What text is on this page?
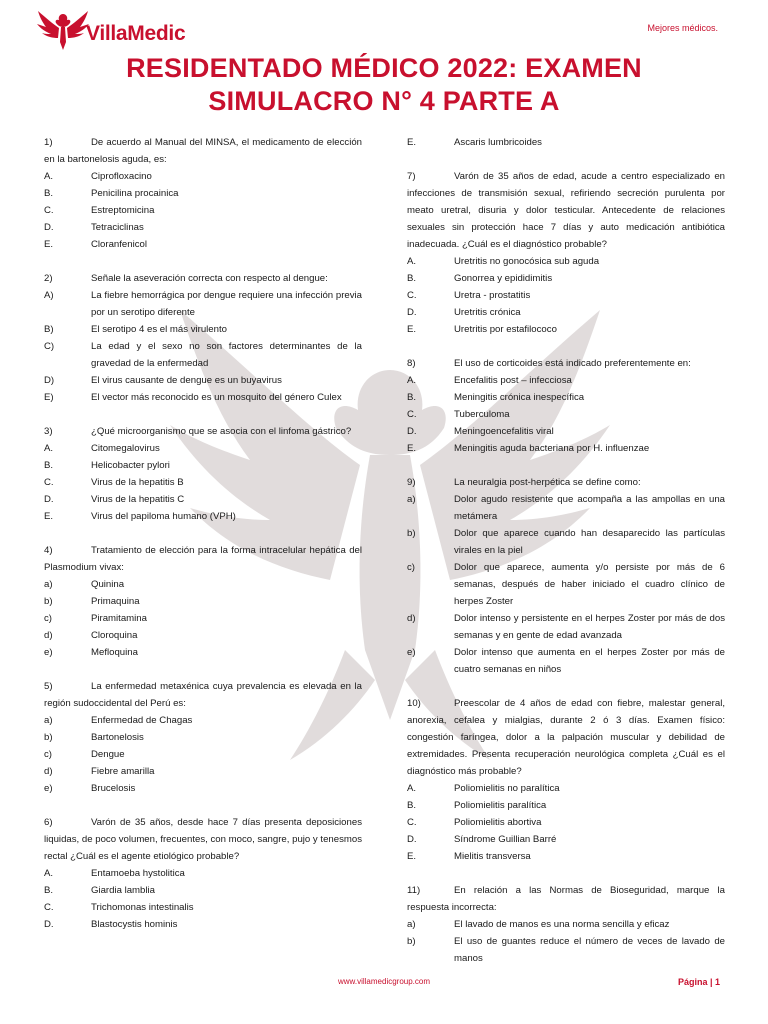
VillaMedic	Mejores médicos.
RESIDENTADO MÉDICO 2022: EXAMEN
SIMULACRO N° 4 PARTE A
1)	De acuerdo al Manual del MINSA, el medicamento de elección en la bartonelosis aguda, es:
A.	Ciprofloxacino
B.	Penicilina procainica
C.	Estreptomicina
D.	Tetraciclinas
E.	Cloranfenicol
2)	Señale la aseveración correcta con respecto al dengue:
A)	La fiebre hemorrágica por dengue requiere una infección previa por un serotipo diferente
B)	El serotipo 4 es el más virulento
C)	La edad y el sexo no son factores determinantes de la gravedad de la enfermedad
D)	El virus causante de dengue es un buyavirus
E)	El vector más reconocido es un mosquito del género Culex
3)	¿Qué microorganismo que se asocia con el linfoma gástrico?
A.	Citomegalovirus
B.	Helicobacter pylori
C.	Virus de la hepatitis B
D.	Virus de la hepatitis C
E.	Virus del papiloma humano (VPH)
4)	Tratamiento de elección para la forma intracelular hepática del Plasmodium vivax:
a)	Quinina
b)	Primaquina
c)	Piramitamina
d)	Cloroquina
e)	Mefloquina
5)	La enfermedad metaxénica cuya prevalencia es elevada en la región sudoccidental del Perú es:
a)	Enfermedad de Chagas
b)	Bartonelosis
c)	Dengue
d)	Fiebre amarilla
e)	Brucelosis
6)	Varón de 35 años, desde hace 7 días presenta deposiciones liquidas, de poco volumen, frecuentes, con moco, sangre, pujo y tenesmos rectal ¿Cuál es el agente etiológico probable?
A.	Entamoeba hystolitica
B.	Giardia lamblia
C.	Trichomonas intestinalis
D.	Blastocystis hominis
E.	Ascaris lumbricoides
7)	Varón de 35 años de edad, acude a centro especializado en infecciones de transmisión sexual, refiriendo secreción purulenta por meato uretral, disuria y dolor testicular. Antecedente de relaciones sexuales sin protección hace 7 días y auto medicación antibiótica inadecuada. ¿Cuál es el diagnóstico probable?
A.	Uretritis no gonocósica sub aguda
B.	Gonorrea y epididimitis
C.	Uretra - prostatitis
D.	Uretritis crónica
E.	Uretritis por estafilococo
8)	El uso de corticoides está indicado preferentemente en:
A.	Encefalitis post – infecciosa
B.	Meningitis crónica inespecífica
C.	Tuberculoma
D.	Meningoencefalitis viral
E.	Meningitis aguda bacteriana por H. influenzae
9)	La neuralgia post-herpética se define como:
a)	Dolor agudo resistente que acompaña a las ampollas en una metámera
b)	Dolor que aparece cuando han desaparecido las partículas virales en la piel
c)	Dolor que aparece, aumenta y/o persiste por más de 6 semanas, después de haber iniciado el cuadro clínico de herpes Zoster
d)	Dolor intenso y persistente en el herpes Zoster por más de dos semanas y en gente de edad avanzada
e)	Dolor intenso que aumenta en el herpes Zoster por más de cuatro semanas en niños
10)	Preescolar de 4 años de edad con fiebre, malestar general, anorexia, cefalea y mialgias, durante 2 ó 3 días. Examen físico: congestión faríngea, dolor a la palpación muscular y debilidad de extremidades. Presenta recuperación neurológica completa ¿Cuál es el diagnóstico más probable?
A.	Poliomielitis no paralítica
B.	Poliomielitis paralítica
C.	Poliomielitis abortiva
D.	Síndrome Guillian Barré
E.	Mielitis transversa
11)	En relación a las Normas de Bioseguridad, marque la respuesta incorrecta:
a)	El lavado de manos es una norma sencilla y eficaz
b)	El uso de guantes reduce el número de veces de lavado de manos
www.villamedicgroup.com	Página | 1
